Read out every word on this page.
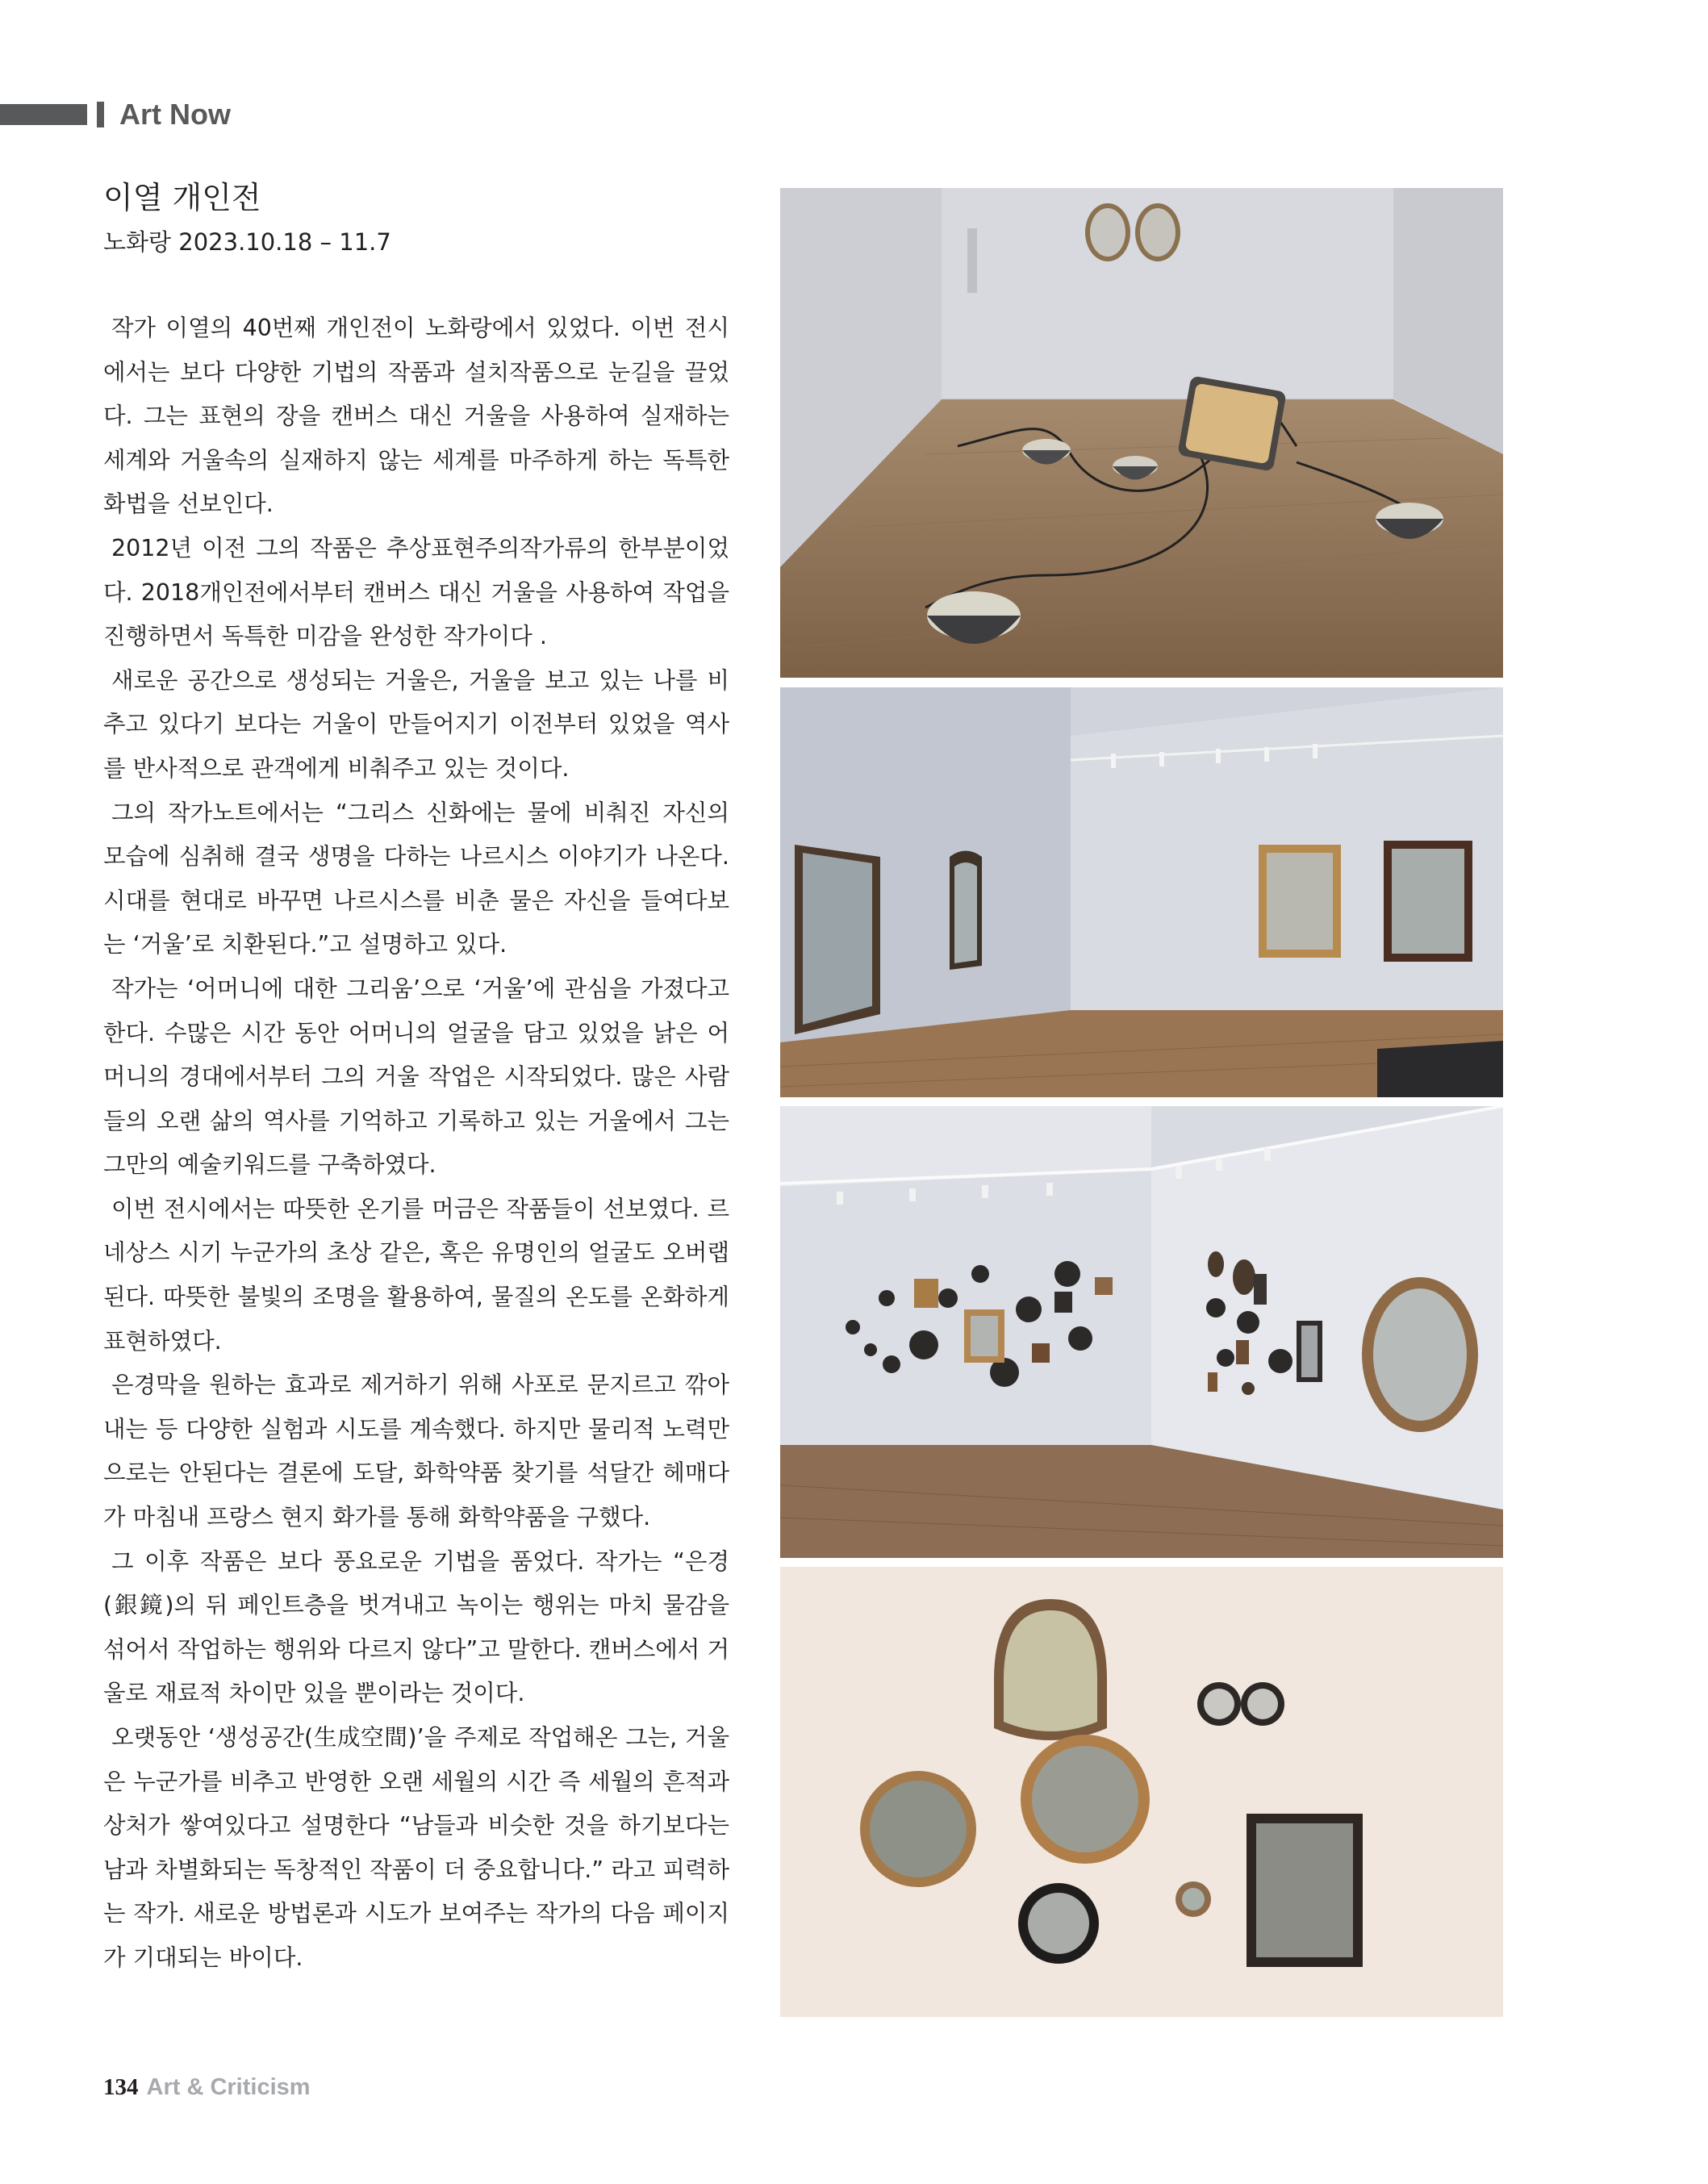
Art Now
이열 개인전
노화랑 2023.10.18 – 11.7

작가 이열의 40번째 개인전이 노화랑에서 있었다. 이번 전시에서는 보다 다양한 기법의 작품과 설치작품으로 눈길을 끌었다. 그는 표현의 장을 캔버스 대신 거울을 사용하여 실재하는 세계와 거울속의 실재하지 않는 세계를 마주하게 하는 독특한 화법을 선보인다.

2012년 이전 그의 작품은 추상표현주의작가류의 한부분이었다. 2018개인전에서부터 캔버스 대신 거울을 사용하여 작업을 진행하면서 독특한 미감을 완성한 작가이다 .

새로운 공간으로 생성되는 거울은, 거울을 보고 있는 나를 비추고 있다기 보다는 거울이 만들어지기 이전부터 있었을 역사를 반사적으로 관객에게 비춰주고 있는 것이다.

그의 작가노트에서는 “그리스 신화에는 물에 비춰진 자신의 모습에 심취해 결국 생명을 다하는 나르시스 이야기가 나온다. 시대를 현대로 바꾸면 나르시스를 비춘 물은 자신을 들여다보는 ‘거울’로 치환된다.”고 설명하고 있다.

작가는 ‘어머니에 대한 그리움’으로 ‘거울’에 관심을 가졌다고 한다. 수많은 시간 동안 어머니의 얼굴을 담고 있었을 낡은 어머니의 경대에서부터 그의 거울 작업은 시작되었다. 많은 사람들의 오랜 삶의 역사를 기억하고 기록하고 있는 거울에서 그는 그만의 예술키워드를 구축하였다.

이번 전시에서는 따뜻한 온기를 머금은 작품들이 선보였다. 르네상스 시기 누군가의 초상 같은, 혹은 유명인의 얼굴도 오버랩 된다. 따뜻한 불빛의 조명을 활용하여, 물질의 온도를 온화하게 표현하였다.

은경막을 원하는 효과로 제거하기 위해 사포로 문지르고 깎아내는 등 다양한 실험과 시도를 계속했다. 하지만 물리적 노력만으로는 안된다는 결론에 도달, 화학약품 찾기를 석달간 헤매다가 마침내 프랑스 현지 화가를 통해 화학약품을 구했다.

그 이후 작품은 보다 풍요로운 기법을 품었다. 작가는 “은경(銀鏡)의 뒤 페인트층을 벗겨내고 녹이는 행위는 마치 물감을 섞어서 작업하는 행위와 다르지 않다”고 말한다. 캔버스에서 거울로 재료적 차이만 있을 뿐이라는 것이다.

오랫동안 ‘생성공간(生成空間)’을 주제로 작업해온 그는, 거울은 누군가를 비추고 반영한 오랜 세월의 시간 즉 세월의 흔적과 상처가 쌓여있다고 설명한다 “남들과 비슷한 것을 하기보다는 남과 차별화되는 독창적인 작품이 더 중요합니다.” 라고 피력하는 작가. 새로운 방법론과 시도가 보여주는 작가의 다음 페이지가 기대되는 바이다.

134 Art & Criticism
